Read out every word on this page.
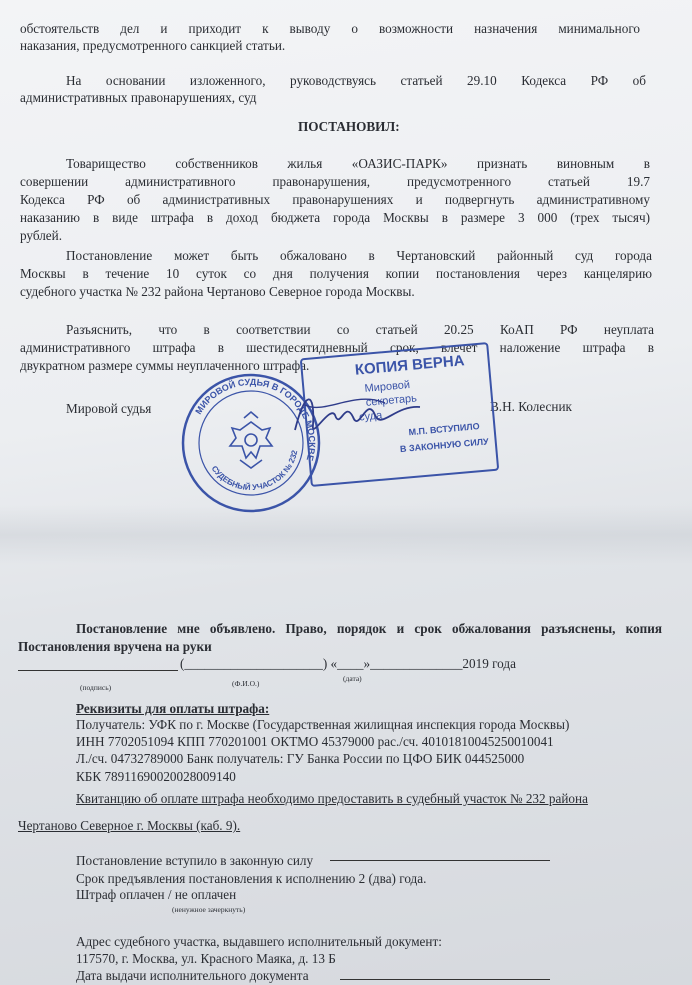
обстоятельств дел и приходит к выводу о возможности назначения минимального
наказания, предусмотренного санкцией статьи.
На основании изложенного, руководствуясь статьей 29.10 Кодекса РФ об
административных правонарушениях, суд
ПОСТАНОВИЛ:
Товарищество собственников жилья «ОАЗИС-ПАРК» признать виновным в
совершении административного правонарушения, предусмотренного статьей 19.7
Кодекса РФ об административных правонарушениях и подвергнуть административному
наказанию в виде штрафа в доход бюджета города Москвы в размере 3 000 (трех тысяч)
рублей.
Постановление может быть обжаловано в Чертановский районный суд города
Москвы в течение 10 суток со дня получения копии постановления через канцелярию
судебного участка № 232 района Чертаново Северное города Москвы.
Разъяснить, что в соответствии со статьей 20.25 КоАП РФ неуплата
административного штрафа в шестидесятидневный срок, влечет наложение штрафа в
двукратном размере суммы неуплаченного штрафа.
Мировой судья	В.Н. Колесник
МИРОВОЙ СУДЬЯ В ГОРОДЕ МОСКВЕ
СУДЕБНЫЙ УЧАСТОК № 232
КОПИЯ ВЕРНА
Мировой
секретарь
суда
М.П. ВСТУПИЛО
В ЗАКОННУЮ СИЛУ
Постановление мне объявлено. Право, порядок и срок обжалования разъяснены, копия
Постановления вручена на руки
(_____________________) «____»______________2019 года
(подпись)	(Ф.И.О.)
(дата)
Реквизиты для оплаты штрафа:
Получатель: УФК по г. Москве (Государственная жилищная инспекция города Москвы)
ИНН 7702051094 КПП 770201001 ОКТМО 45379000 рас./сч. 40101810045250010041
Л./сч. 04732789000 Банк получатель: ГУ Банка России по ЦФО БИК 044525000
КБК 78911690020028009140
Квитанцию об оплате штрафа необходимо предоставить в судебный участок № 232 района
Чертаново Северное г. Москвы (каб. 9).
Постановление вступило в законную силу
Срок предъявления постановления к исполнению 2 (два) года.
Штраф оплачен / не оплачен
(ненужное зачеркнуть)
Адрес судебного участка, выдавшего исполнительный документ:
117570, г. Москва, ул. Красного Маяка, д. 13 Б
Дата выдачи исполнительного документа
